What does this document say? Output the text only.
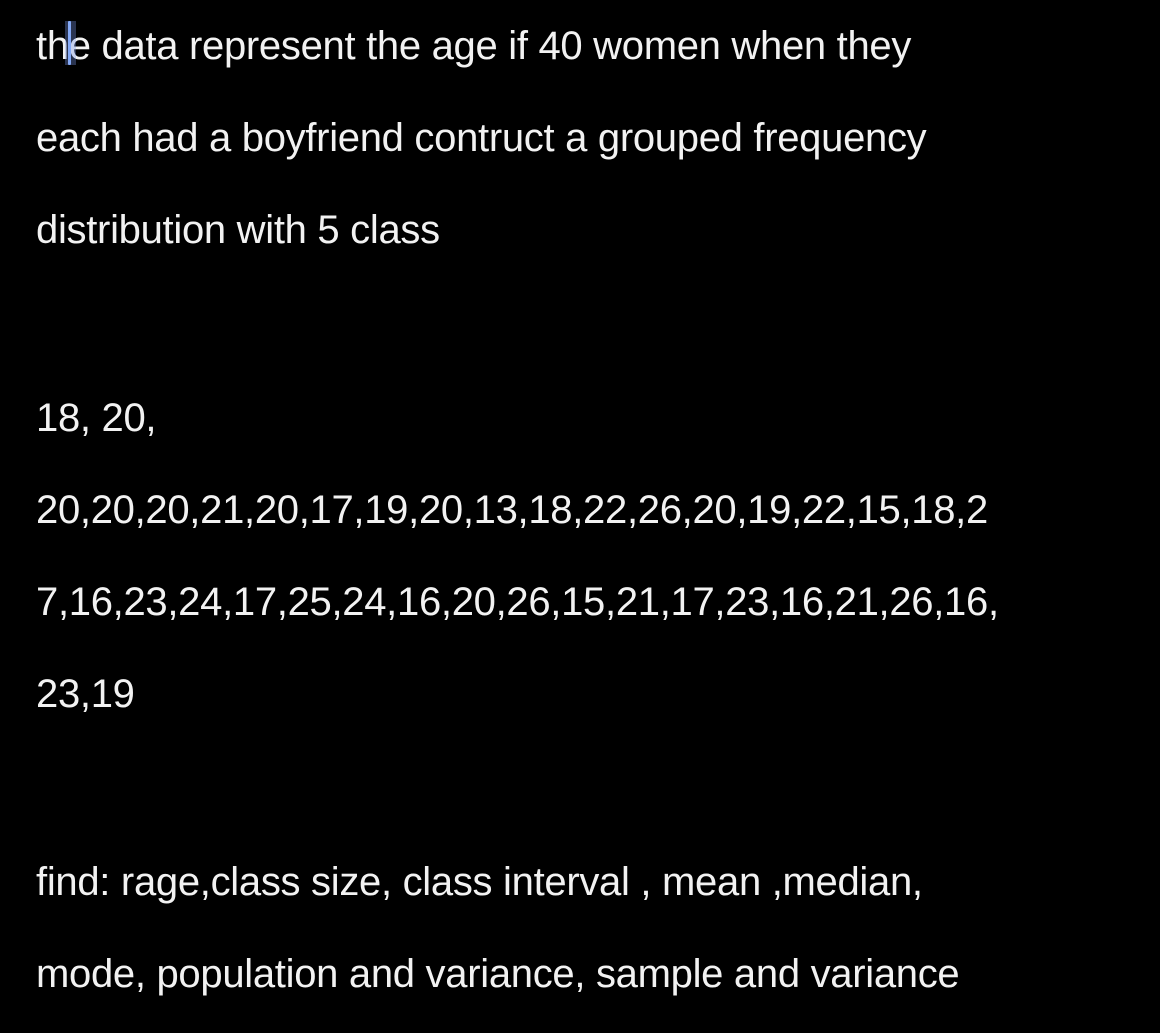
the data represent the age if 40 women when they
each had a boyfriend contruct a grouped frequency
distribution with 5 class
18, 20,
20,20,20,21,20,17,19,20,13,18,22,26,20,19,22,15,18,2
7,16,23,24,17,25,24,16,20,26,15,21,17,23,16,21,26,16,
23,19
find: rage,class size, class interval , mean ,median,
mode, population and variance, sample and variance
